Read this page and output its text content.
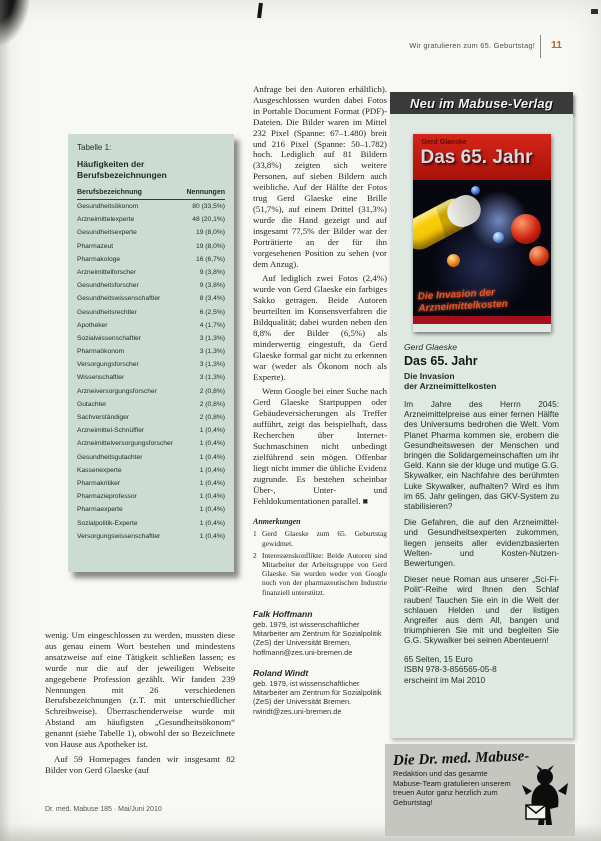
Wir gratulieren zum 65. Geburtstag! 11
Tabelle 1:
Häufigkeiten der Berufsbezeichnungen
Berufsbezeichnung	Nennungen
Gesundheitsökonom	80 (33,5%)
Arzneimittelexperte	48 (20,1%)
Gesundheitsexperte	19 (8,0%)
Pharmazeut	19 (8,0%)
Pharmakologe	16 (6,7%)
Arzneimittelforscher	9 (3,8%)
Gesundheitsforscher	9 (3,8%)
Gesundheitswissenschaftler	8 (3,4%)
Gesundheitsrechtler	6 (2,5%)
Apotheker	4 (1,7%)
Sozialwissenschaftler	3 (1,3%)
Pharmaökonom	3 (1,3%)
Versorgungsforscher	3 (1,3%)
Wissenschaftler	3 (1,3%)
Arzneiversorgungsforscher	2 (0,8%)
Gutachter	2 (0,8%)
Sachverständiger	2 (0,8%)
Arzneimittel-Schnüffler	1 (0,4%)
Arzneimittelversorgungsforscher	1 (0,4%)
Gesundheitsgutachter	1 (0,4%)
Kassenexperte	1 (0,4%)
Pharmakritiker	1 (0,4%)
Pharmazieprofessor	1 (0,4%)
Pharmaexperte	1 (0,4%)
Sozialpolitik-Experte	1 (0,4%)
Versorgungswissenschaftler	1 (0,4%)

Anfrage bei den Autoren erhältlich). Ausgeschlossen wurden dabei Fotos in Portable Document Format (PDF)-Dateien. Die Bilder waren im Mittel 232 Pixel (Spanne: 67–1.480) breit und 216 Pixel (Spanne: 50–1.782) hoch. Lediglich auf 81 Bildern (33,8%) zeigten sich weitere Personen, auf sieben Bildern auch weibliche. Auf der Hälfte der Fotos trug Gerd Glaeske eine Brille (51,7%), auf einem Drittel (31,3%) wurde die Hand gezeigt und auf insgesamt 77,5% der Bilder war der Porträtierte an der für ihn vorgesehenen Position zu sehen (vor dem Anzug).

Auf lediglich zwei Fotos (2,4%) wurde von Gerd Glaeske ein farbiges Sakko getragen. Beide Autoren beurteilten im Konsensverfahren die Bildqualität; dabei wurden neben den 8,8% der Bilder (6,5%) als minderwertig eingestuft, da Gerd Glaeske formal gar nicht zu erkennen war (weder als Ökonom noch als Experte).

Wenn Google bei einer Suche nach Gerd Glaeske Startpuppen oder Gebäudeversicherungen als Treffer aufführt, zeigt das beispielhaft, dass Recherchen über Internet-Suchmaschinen nicht unbedingt zielführend sein mögen. Offenbar liegt nicht immer die übliche Evidenz zugrunde. Es bestehen scheinbar Über-, Unter- und Fehldokumentationen parallel. ■

Anmerkungen

1 Gerd Glaeske zum 65. Geburtstag gewidmet.
2 Interessenskonflikte: Beide Autoren sind Mitarbeiter der Arbeitsgruppe von Gerd Glaeske. Sie wurden weder von Google noch von der pharmazeutischen Industrie finanziell unterstützt.

Falk Hoffmann

geb. 1979, ist wissenschaftlicher Mitarbeiter am Zentrum für Sozialpolitik (ZeS) der Universität Bremen.

hoffmann@zes.uni-bremen.de

Roland Windt

geb. 1979, ist wissenschaftlicher Mitarbeiter am Zentrum für Sozialpolitik (ZeS) der Universität Bremen.

rwindt@zes.uni-bremen.de

wenig. Um eingeschlossen zu werden, mussten diese aus genau einem Wort bestehen und mindestens ansatzweise auf eine Tätigkeit schließen lassen; es wurde nur die auf der jeweiligen Webseite angegebene Profession gezählt. Wir fanden 239 Nennungen mit 26 verschiedenen Berufsbezeichnungen (z.T. mit unterschiedlicher Schreibweise). Überraschenderweise wurde mit Abstand am häufigsten „Gesundheitsökonom“ genannt (siehe Tabelle 1), obwohl der so Bezeichnete von Hause aus Apotheker ist.

Auf 59 Homepages fanden wir insgesamt 82 Bilder von Gerd Glaeske (auf

Dr. med. Mabuse 185 · Mai/Juni 2010
Neu im Mabuse-Verlag
Die Invasion der
Arzneimittelkosten
Gerd Glaeske
Das 65. Jahr

Gerd Glaeske

Das 65. Jahr

Die Invasion
der Arzneimittelkosten

Im Jahre des Herrn 2045: Arzneimittelpreise aus einer fernen Hälfte des Universums bedrohen die Welt. Vom Planet Pharma kommen sie, erobern die Gesundheitswesen der Menschen und bringen die Solidargemeinschaften um ihr Geld. Kann sie der kluge und mutige G.G. Skywalker, ein Nachfahre des berühmten Luke Skywalker, aufhalten? Wird es ihm im 65. Jahr gelingen, das GKV-System zu stabilisieren?

Die Gefahren, die auf den Arzneimittel- und Gesundheitsexperten zukommen, liegen jenseits aller evidenzbasierten Welten- und Kosten-Nutzen-Bewertungen.

Dieser neue Roman aus unserer „Sci-Fi-Polit“-Reihe wird Ihnen den Schlaf rauben! Tauchen Sie ein in die Welt der schlauen Helden und der listigen Angreifer aus dem All, bangen und triumphieren Sie mit und begleiten Sie G.G. Skywalker bei seinen Abenteuern!

65 Seiten, 15 Euro
ISBN 978-3-856565-05-8
erscheint im Mai 2010

Die Dr. med. Mabuse-

Redaktion und das gesamte Mabuse-Team gratulieren unserem treuen Autor ganz herzlich zum Geburtstag!
